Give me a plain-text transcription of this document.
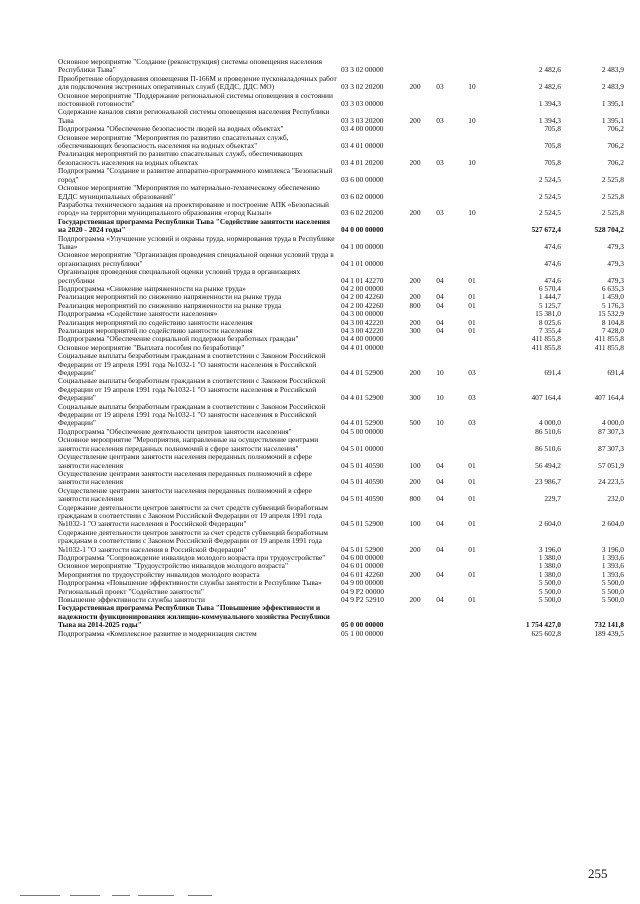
Основное мероприятие "Создание (реконструкция) системы оповещения населения Республики Тыва"	03 3 02 00000	2 482,6	2 483,9
Приобретение оборудования оповещения П-166М и проведение пусконаладочных работ для подключения экстренных оперативных служб (ЕДДС, ДДС МО)	03 3 02 20200	200	03	10	2 482,6	2 483,9
Основное мероприятие "Поддержание региональной системы оповещения в состоянии постоянной готовности"	03 3 03 00000	1 394,3	1 395,1
Содержание каналов связи региональной системы оповещения населения Республики Тыва	03 3 03 20200	200	03	10	1 394,3	1 395,1
Подпрограмма "Обеспечение безопасности людей на водных объектах"	03 4 00 00000	705,8	706,2
Основное мероприятие "Мероприятия по развитию спасательных служб, обеспечивающих безопасность населения на водных объектах"	03 4 01 00000	705,8	706,2
Реализация мероприятий по развитию спасательных служб, обеспечивающих безопасность населения на водных объектах	03 4 01 20200	200	03	10	705,8	706,2
Подпрограмма "Создание и развитие аппаратно-программного комплекса "Безопасный город"	03 6 00 00000	2 524,5	2 525,8
Основное мероприятие "Мероприятия по материально-техническому обеспечению ЕДДС муниципальных образований"	03 6 02 00000	2 524,5	2 525,8
Разработка технического задания на проектирование и построение АПК «Безопасный город» на территории муниципального образования «город Кызыл»	03 6 02 20200	200	03	10	2 524,5	2 525,8
Государственная программа Республики Тыва "Содействие занятости населения на 2020 - 2024 годы"	04 0 00 00000	527 672,4	528 704,2
Подпрограмма «Улучшение условий и охраны труда, нормирования труда в Республике Тыва»	04 1 00 00000	474,6	479,3
Основное мероприятие "Организация проведения специальной оценки условий труда в организациях республики"	04 1 01 00000	474,6	479,3
Организация проведения специальной оценки условий труда в организациях республики	04 1 01 42270	200	04	01	474,6	479,3
Подпрограмма «Снижение напряженности на рынке труда»	04 2 00 00000	6 570,4	6 635,3
Реализация мероприятий по снижению напряженности на рынке труда	04 2 00 42260	200	04	01	1 444,7	1 459,0
Реализация мероприятий по снижению напряженности на рынке труда	04 2 00 42260	800	04	01	5 125,7	5 176,3
Подпрограмма «Содействие занятости населения»	04 3 00 00000	15 381,0	15 532,9
Реализация мероприятий по содействию занятости населения	04 3 00 42220	200	04	01	8 025,6	8 104,8
Реализация мероприятий по содействию занятости населения	04 3 00 42220	300	04	01	7 355,4	7 428,0
Подпрограмма "Обеспечение социальной поддержки безработных граждан"	04 4 00 00000	411 855,8	411 855,8
Основное мероприятие "Выплата пособия по безработице"	04 4 01 00000	411 855,8	411 855,8
Социальные выплаты безработным гражданам в соответствии с Законом Российской Федерации от 19 апреля 1991 года №1032-1 "О занятости населения в Российской Федерации"	04 4 01 52900	200	10	03	691,4	691,4
Социальные выплаты безработным гражданам в соответствии с Законом Российской Федерации от 19 апреля 1991 года №1032-1 "О занятости населения в Российской Федерации"	04 4 01 52900	300	10	03	407 164,4	407 164,4
Социальные выплаты безработным гражданам в соответствии с Законом Российской Федерации от 19 апреля 1991 года №1032-1 "О занятости населения в Российской Федерации"	04 4 01 52900	500	10	03	4 000,0	4 000,0
Подпрограмма "Обеспечение деятельности центров занятости населения"	04 5 00 00000	86 510,6	87 307,3
Основное мероприятие "Мероприятия, направленные на осуществление центрами занятости населения переданных полномочий в сфере занятости населения"	04 5 01 00000	86 510,6	87 307,3
Осуществление центрами занятости населения переданных полномочий в сфере занятости населения	04 5 01 40590	100	04	01	56 494,2	57 051,9
Осуществление центрами занятости населения переданных полномочий в сфере занятости населения	04 5 01 40590	200	04	01	23 986,7	24 223,5
Осуществление центрами занятости населения переданных полномочий в сфере занятости населения	04 5 01 40590	800	04	01	229,7	232,0
Содержание деятельности центров занятости за счет средств субвенций безработным гражданам в соответствии с Законом Российской Федерации от 19 апреля 1991 года №1032-1 "О занятости населения в Российской Федерации"	04 5 01 52900	100	04	01	2 604,0	2 604,0
Содержание деятельности центров занятости за счет средств субвенций безработным гражданам в соответствии с Законом Российской Федерации от 19 апреля 1991 года №1032-1 "О занятости населения в Российской Федерации"	04 5 01 52900	200	04	01	3 196,0	3 196,0
Подпрограмма "Сопровождение инвалидов молодого возраста при трудоустройстве"	04 6 00 00000	1 380,0	1 393,6
Основное мероприятие "Трудоустройство инвалидов молодого возраста"	04 6 01 00000	1 380,0	1 393,6
Мероприятия по трудоустройству инвалидов молодого возраста	04 6 01 42260	200	04	01	1 380,0	1 393,6
Подпрограмма «Повышение эффективности службы занятости в Республике Тыва»	04 9 00 00000	5 500,0	5 500,0
Региональный проект "Содействие занятости"	04 9 P2 00000	5 500,0	5 500,0
Повышение эффективности службы занятости	04 9 P2 52910	200	04	01	5 500,0	5 500,0
Государственная программа Республики Тыва "Повышение эффективности и надежности функционирования жилищно-коммунального хозяйства Республики Тыва на 2014-2025 годы"	05 0 00 00000	1 754 427,0	732 141,8
Подпрограмма «Комплексное развитие и модернизация систем	05 1 00 00000	625 602,8	189 439,5
255
